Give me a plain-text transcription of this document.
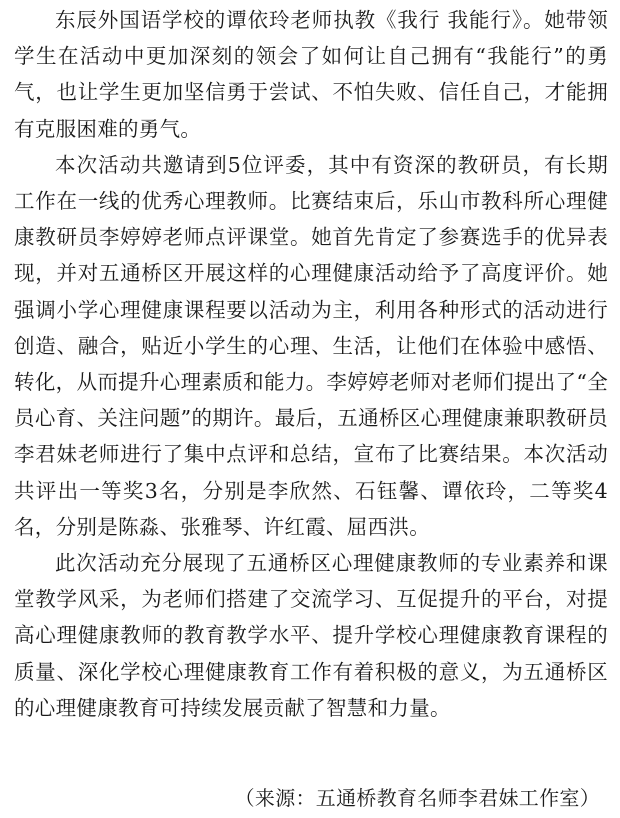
东辰外国语学校的谭依玲老师执教《我行 我能行》。她带领学生在活动中更加深刻的领会了如何让自己拥有“我能行”的勇气，也让学生更加坚信勇于尝试、不怕失败、信任自己，才能拥有克服困难的勇气。

本次活动共邀请到5位评委，其中有资深的教研员，有长期工作在一线的优秀心理教师。比赛结束后，乐山市教科所心理健康教研员李婷婷老师点评课堂。她首先肯定了参赛选手的优异表现，并对五通桥区开展这样的心理健康活动给予了高度评价。她强调小学心理健康课程要以活动为主，利用各种形式的活动进行创造、融合，贴近小学生的心理、生活，让他们在体验中感悟、转化，从而提升心理素质和能力。李婷婷老师对老师们提出了“全员心育、关注问题”的期许。最后，五通桥区心理健康兼职教研员李君妹老师进行了集中点评和总结，宣布了比赛结果。本次活动共评出一等奖3名，分别是李欣然、石钰馨、谭依玲，二等奖4名，分别是陈淼、张雅琴、许红霞、屈西洪。

此次活动充分展现了五通桥区心理健康教师的专业素养和课堂教学风采，为老师们搭建了交流学习、互促提升的平台，对提高心理健康教师的教育教学水平、提升学校心理健康教育课程的质量、深化学校心理健康教育工作有着积极的意义，为五通桥区的心理健康教育可持续发展贡献了智慧和力量。

（来源：五通桥教育名师李君妹工作室）
